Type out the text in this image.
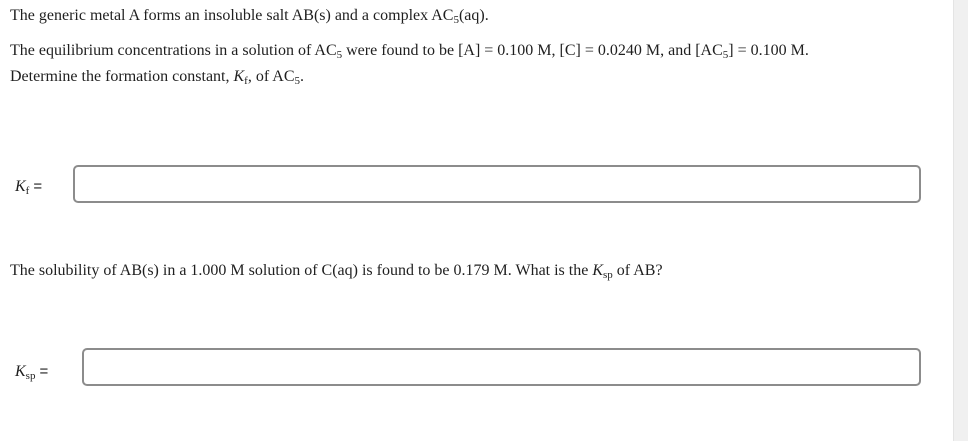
The generic metal A forms an insoluble salt AB(s) and a complex $AC_5(aq)$.
The equilibrium concentrations in a solution of $AC_5$ were found to be [A] = 0.100 M, [C] = 0.0240 M, and $[AC_5] = 0.100$ M.
Determine the formation constant, $K_f$, of $AC_5$.
$K_f$ =
The solubility of AB(s) in a 1.000 M solution of C(aq) is found to be 0.179 M. What is the $K_{sp}$ of AB?
$K_{sp}$ =
